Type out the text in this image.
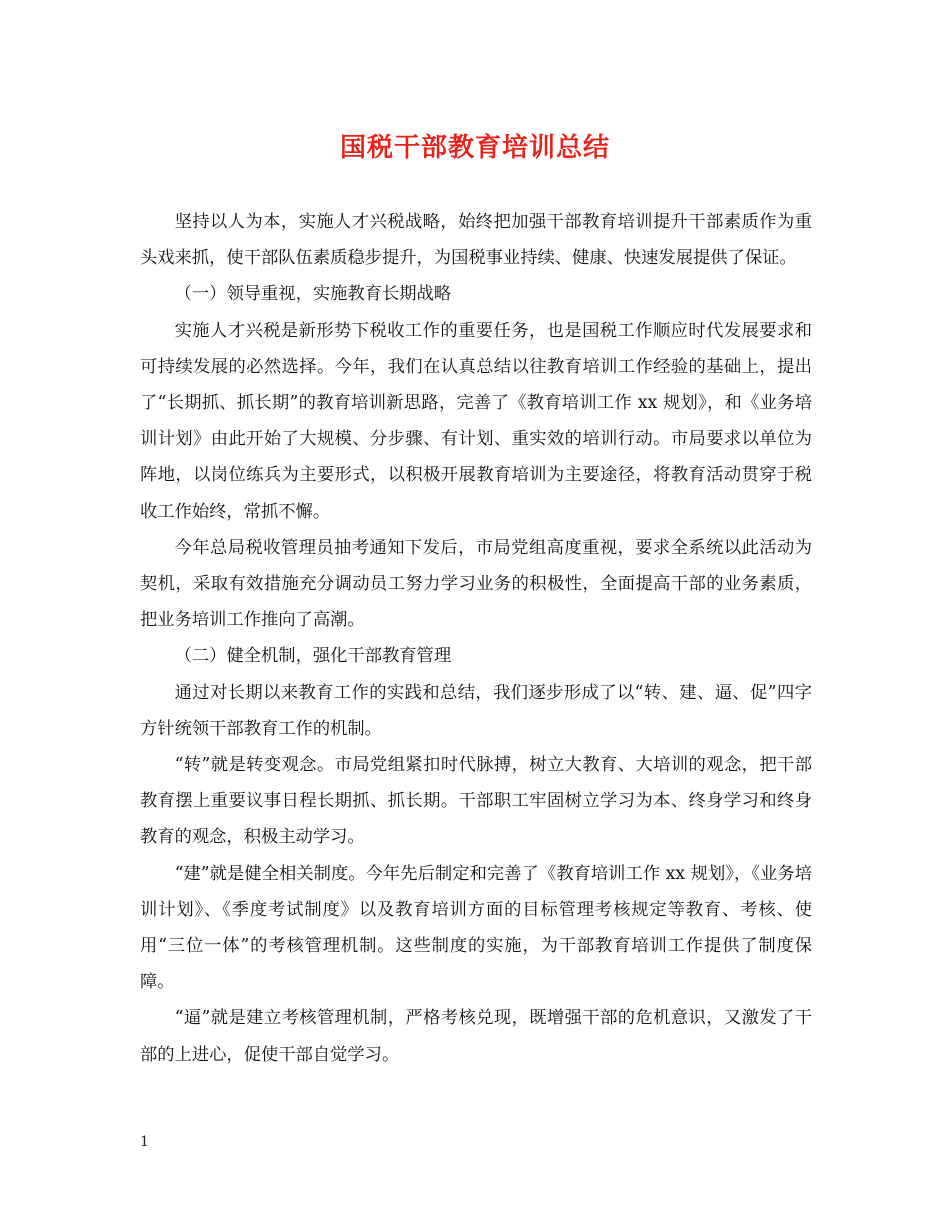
国税干部教育培训总结

坚持以人为本，实施人才兴税战略，始终把加强干部教育培训提升干部素质作为重头戏来抓，使干部队伍素质稳步提升，为国税事业持续、健康、快速发展提供了保证。

（一）领导重视，实施教育长期战略

实施人才兴税是新形势下税收工作的重要任务，也是国税工作顺应时代发展要求和可持续发展的必然选择。今年，我们在认真总结以往教育培训工作经验的基础上，提出了“长期抓、抓长期”的教育培训新思路，完善了《教育培训工作 xx 规划》，和《业务培训计划》由此开始了大规模、分步骤、有计划、重实效的培训行动。市局要求以单位为阵地，以岗位练兵为主要形式，以积极开展教育培训为主要途径，将教育活动贯穿于税收工作始终，常抓不懈。

今年总局税收管理员抽考通知下发后，市局党组高度重视，要求全系统以此活动为契机，采取有效措施充分调动员工努力学习业务的积极性，全面提高干部的业务素质，把业务培训工作推向了高潮。

（二）健全机制，强化干部教育管理

通过对长期以来教育工作的实践和总结，我们逐步形成了以“转、建、逼、促”四字方针统领干部教育工作的机制。

“转”就是转变观念。市局党组紧扣时代脉搏，树立大教育、大培训的观念，把干部教育摆上重要议事日程长期抓、抓长期。干部职工牢固树立学习为本、终身学习和终身教育的观念，积极主动学习。

“建”就是健全相关制度。今年先后制定和完善了《教育培训工作 xx 规划》，《业务培训计划》、《季度考试制度》以及教育培训方面的目标管理考核规定等教育、考核、使用“三位一体”的考核管理机制。这些制度的实施，为干部教育培训工作提供了制度保障。

“逼”就是建立考核管理机制，严格考核兑现，既增强干部的危机意识，又激发了干部的上进心，促使干部自觉学习。

1
